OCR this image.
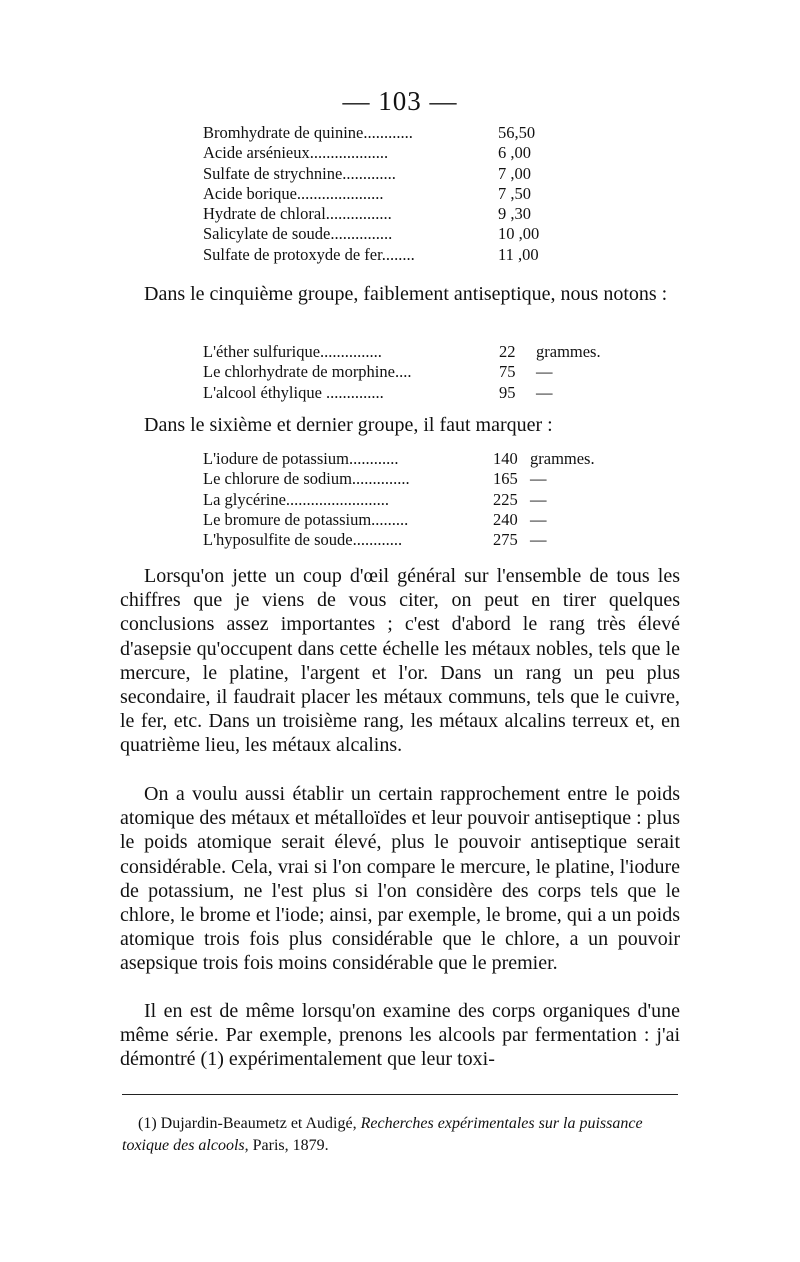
— 103 —
Bromhydrate de quinine............	56,50
Acide arsénieux...................	6 ,00
Sulfate de strychnine.............	7 ,00
Acide borique.....................	7 ,50
Hydrate de chloral................	9 ,30
Salicylate de soude...............	10 ,00
Sulfate de protoxyde de fer........	11 ,00

Dans le cinquième groupe, faiblement antiseptique, nous notons :

L'éther sulfurique...............	22 grammes.
Le chlorhydrate de morphine....	75 —
L'alcool éthylique ..............	95 —

Dans le sixième et dernier groupe, il faut marquer :

L'iodure de potassium............	140 grammes.
Le chlorure de sodium..............	165 —
La glycérine.........................	225 —
Le bromure de potassium.........	240 —
L'hyposulfite de soude............	275 —

Lorsqu'on jette un coup d'œil général sur l'ensemble de tous les chiffres que je viens de vous citer, on peut en tirer quelques conclusions assez importantes ; c'est d'abord le rang très élevé d'asepsie qu'occupent dans cette échelle les métaux nobles, tels que le mercure, le platine, l'argent et l'or. Dans un rang un peu plus secondaire, il faudrait placer les métaux communs, tels que le cuivre, le fer, etc. Dans un troisième rang, les métaux alcalins terreux et, en quatrième lieu, les métaux alcalins.

On a voulu aussi établir un certain rapprochement entre le poids atomique des métaux et métalloïdes et leur pouvoir antiseptique : plus le poids atomique serait élevé, plus le pouvoir antiseptique serait considérable. Cela, vrai si l'on compare le mercure, le platine, l'iodure de potassium, ne l'est plus si l'on considère des corps tels que le chlore, le brome et l'iode; ainsi, par exemple, le brome, qui a un poids atomique trois fois plus considérable que le chlore, a un pouvoir asepsique trois fois moins considérable que le premier.

Il en est de même lorsqu'on examine des corps organiques d'une même série. Par exemple, prenons les alcools par fermentation : j'ai démontré (1) expérimentalement que leur toxi-

(1) Dujardin-Beaumetz et Audigé, Recherches expérimentales sur la puissance toxique des alcools, Paris, 1879.
